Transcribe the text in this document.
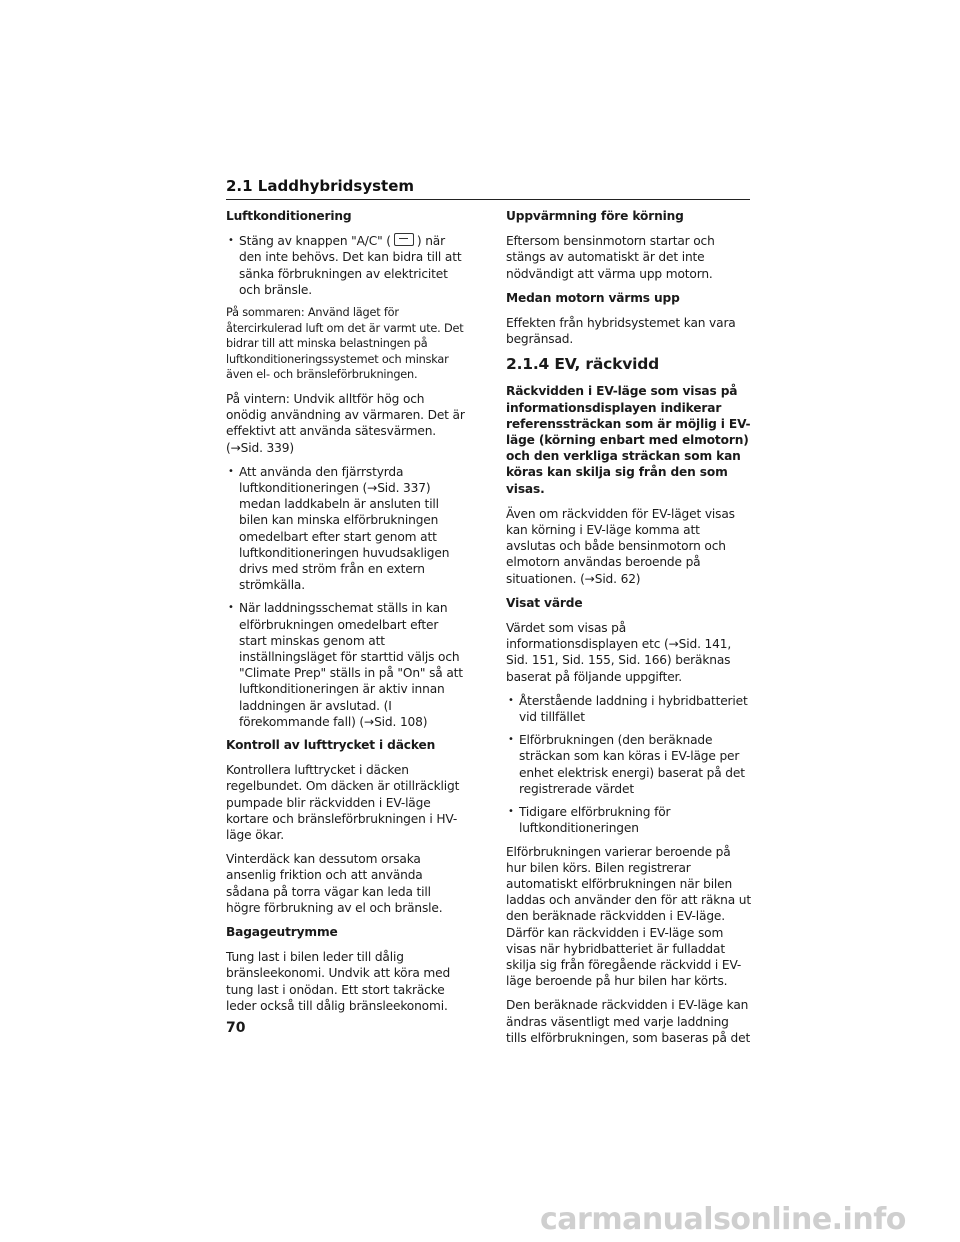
2.1 Laddhybridsystem
Luftkonditionering
• Stäng av knappen "A/C" ( ) när den inte behövs. Det kan bidra till att sänka förbrukningen av elektricitet och bränsle.

På sommaren: Använd läget för återcirkulerad luft om det är varmt ute. Det bidrar till att minska belastningen på luftkonditioneringssystemet och minskar även el- och bränsleförbrukningen.

På vintern: Undvik alltför hög och onödig användning av värmaren. Det är effektivt att använda sätesvärmen. (→Sid. 339)

• Att använda den fjärrstyrda luftkonditioneringen (→Sid. 337) medan laddkabeln är ansluten till bilen kan minska elförbrukningen omedelbart efter start genom att luftkonditioneringen huvudsakligen drivs med ström från en extern strömkälla.
• När laddningsschemat ställs in kan elförbrukningen omedelbart efter start minskas genom att inställningsläget för starttid väljs och "Climate Prep" ställs in på "On" så att luftkonditioneringen är aktiv innan laddningen är avslutad. (I förekommande fall) (→Sid. 108)
Kontroll av lufttrycket i däcken

Kontrollera lufttrycket i däcken regelbundet. Om däcken är otillräckligt pumpade blir räckvidden i EV-läge kortare och bränsleförbrukningen i HV-läge ökar.

Vinterdäck kan dessutom orsaka ansenlig friktion och att använda sådana på torra vägar kan leda till högre förbrukning av el och bränsle.

Bagageutrymme

Tung last i bilen leder till dålig bränsleekonomi. Undvik att köra med tung last i onödan. Ett stort takräcke leder också till dålig bränsleekonomi.

Uppvärmning före körning

Eftersom bensinmotorn startar och stängs av automatiskt är det inte nödvändigt att värma upp motorn.

Medan motorn värms upp

Effekten från hybridsystemet kan vara begränsad.

2.1.4 EV, räckvidd

Räckvidden i EV-läge som visas på informationsdisplayen indikerar referenssträckan som är möjlig i EV-läge (körning enbart med elmotorn) och den verkliga sträckan som kan köras kan skilja sig från den som visas.

Även om räckvidden för EV-läget visas kan körning i EV-läge komma att avslutas och både bensinmotorn och elmotorn användas beroende på situationen. (→Sid. 62)

Visat värde

Värdet som visas på informationsdisplayen etc (→Sid. 141, Sid. 151, Sid. 155, Sid. 166) beräknas baserat på följande uppgifter.

• Återstående laddning i hybridbatteriet vid tillfället
• Elförbrukningen (den beräknade sträckan som kan köras i EV-läge per enhet elektrisk energi) baserat på det registrerade värdet
• Tidigare elförbrukning för luftkonditioneringen

Elförbrukningen varierar beroende på hur bilen körs. Bilen registrerar automatiskt elförbrukningen när bilen laddas och använder den för att räkna ut den beräknade räckvidden i EV-läge. Därför kan räckvidden i EV-läge som visas när hybridbatteriet är fulladdat skilja sig från föregående räckvidd i EV-läge beroende på hur bilen har körts.

Den beräknade räckvidden i EV-läge kan ändras väsentligt med varje laddning tills elförbrukningen, som baseras på det

70
carmanualsonline.info
